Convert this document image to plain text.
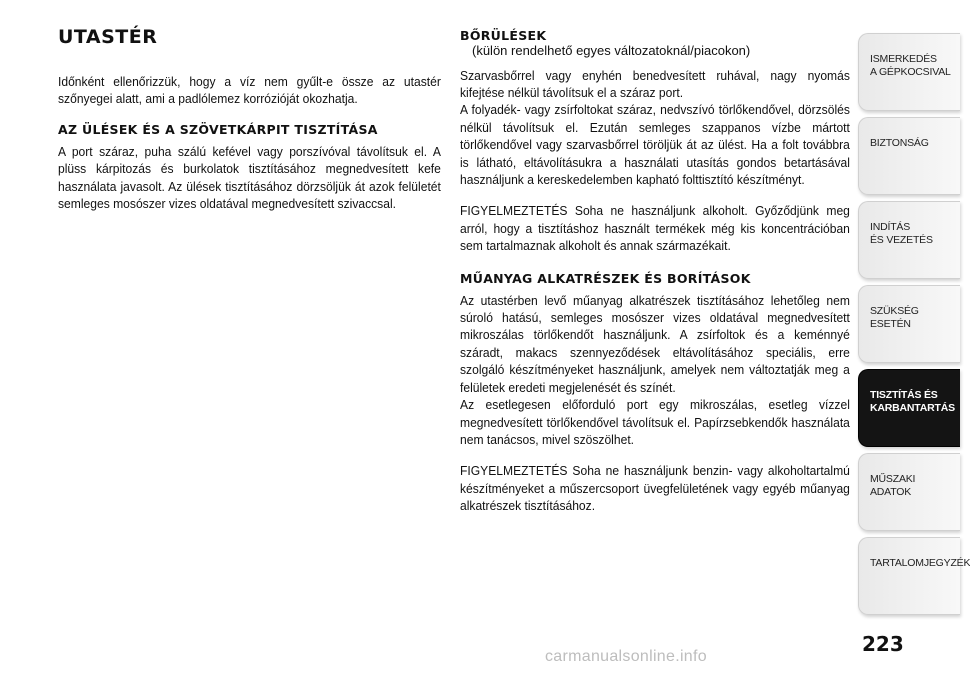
UTASTÉR

Időnként ellenőrizzük, hogy a víz nem gyűlt-e össze az utastér szőnyegei alatt, ami a padlólemez korrózióját okozhatja.

AZ ÜLÉSEK ÉS A SZÖVETKÁRPIT TISZTÍTÁSA

A port száraz, puha szálú kefével vagy porszívóval távolítsuk el. A plüss kárpitozás és burkolatok tisztításához megnedvesített kefe használata javasolt. Az ülések tisztításához dörzsöljük át azok felületét semleges mosószer vizes oldatával megnedvesített szivaccsal.

BŐRÜLÉSEK
(külön rendelhető egyes változatoknál/piacokon)

Szarvasbőrrel vagy enyhén benedvesített ruhával, nagy nyomás kifejtése nélkül távolítsuk el a száraz port.

A folyadék- vagy zsírfoltokat száraz, nedvszívó törlőkendővel, dörzsölés nélkül távolítsuk el. Ezután semleges szappanos vízbe mártott törlőkendővel vagy szarvasbőrrel töröljük át az ülést. Ha a folt továbbra is látható, eltávolításukra a használati utasítás gondos betartásával használjunk a kereskedelemben kapható folttisztító készítményt.

FIGYELMEZTETÉS Soha ne használjunk alkoholt. Győződjünk meg arról, hogy a tisztításhoz használt termékek még kis koncentrációban sem tartalmaznak alkoholt és annak származékait.

MŰANYAG ALKATRÉSZEK ÉS BORÍTÁSOK

Az utastérben levő műanyag alkatrészek tisztításához lehetőleg nem súroló hatású, semleges mosószer vizes oldatával megnedvesített mikroszálas törlőkendőt használjunk. A zsírfoltok és a keménnyé száradt, makacs szennyeződések eltávolításához speciális, erre szolgáló készítményeket használjunk, amelyek nem változtatják meg a felületek eredeti megjelenését és színét.

Az esetlegesen előforduló port egy mikroszálas, esetleg vízzel megnedvesített törlőkendővel távolítsuk el. Papírzsebkendők használata nem tanácsos, mivel szöszölhet.

FIGYELMEZTETÉS Soha ne használjunk benzin- vagy alkoholtartalmú készítményeket a műszercsoport üvegfelületének vagy egyéb műanyag alkatrészek tisztításához.

ISMERKEDÉS
A GÉPKOCSIVAL
BIZTONSÁG
INDÍTÁS
ÉS VEZETÉS
SZÜKSÉG
ESETÉN
TISZTÍTÁS ÉS
KARBANTARTÁS
MŰSZAKI
ADATOK
TARTALOMJEGYZÉK
223
carmanualsonline.info
